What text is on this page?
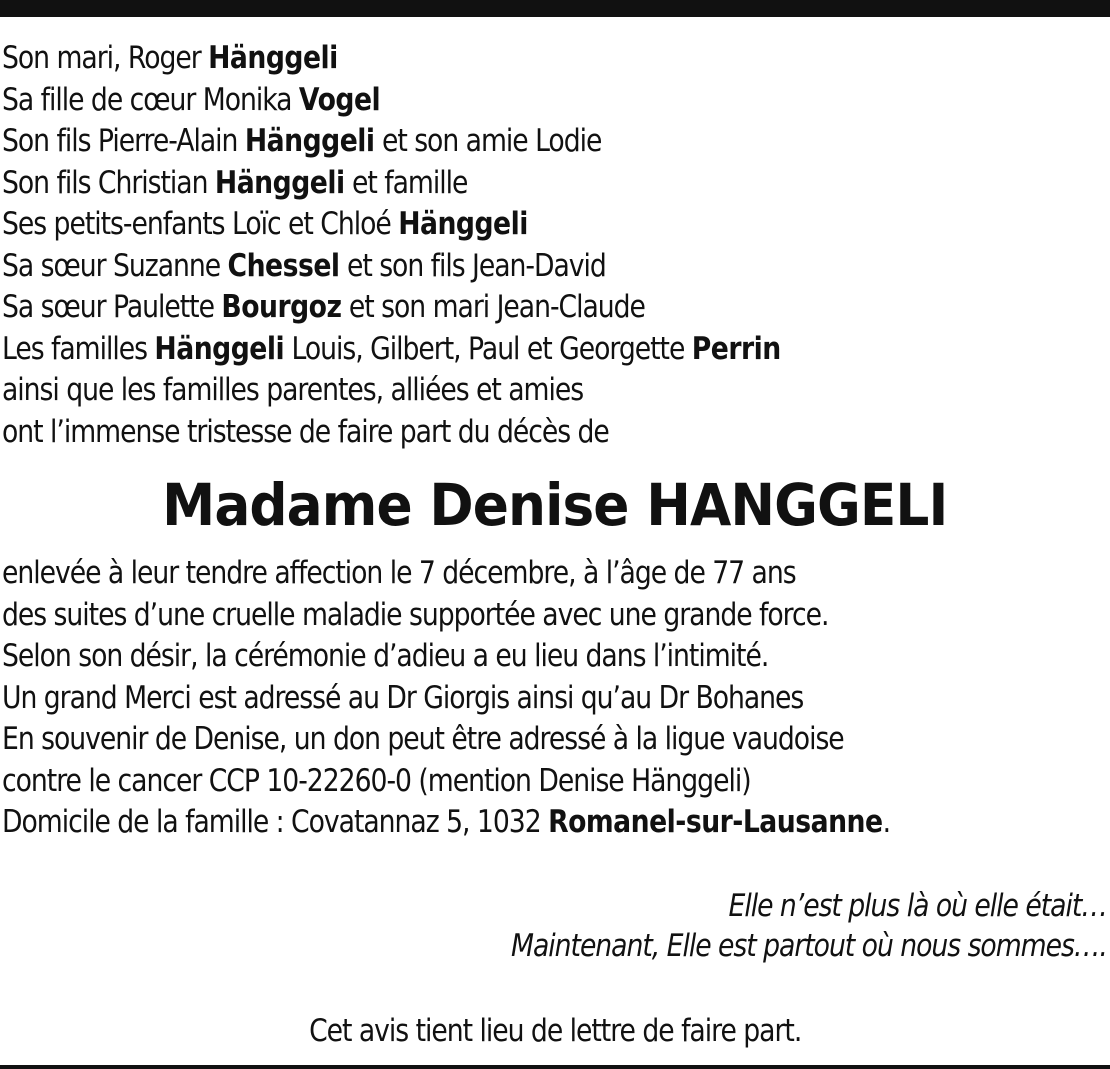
Son mari, Roger Hänggeli
Sa fille de cœur Monika Vogel
Son fils Pierre-Alain Hänggeli et son amie Lodie
Son fils Christian Hänggeli et famille
Ses petits-enfants Loïc et Chloé Hänggeli
Sa sœur Suzanne Chessel et son fils Jean-David
Sa sœur Paulette Bourgoz et son mari Jean-Claude
Les familles Hänggeli Louis, Gilbert, Paul et Georgette Perrin
ainsi que les familles parentes, alliées et amies
ont l’immense tristesse de faire part du décès de
Madame Denise HANGGELI
enlevée à leur tendre affection le 7 décembre, à l’âge de 77 ans
des suites d’une cruelle maladie supportée avec une grande force.
Selon son désir, la cérémonie d’adieu a eu lieu dans l’intimité.
Un grand Merci est adressé au Dr Giorgis ainsi qu’au Dr Bohanes
En souvenir de Denise, un don peut être adressé à la ligue vaudoise
contre le cancer CCP 10-22260-0 (mention Denise Hänggeli)
Domicile de la famille : Covatannaz 5, 1032 Romanel-sur-Lausanne.
Elle n’est plus là où elle était…
Maintenant, Elle est partout où nous sommes….
Cet avis tient lieu de lettre de faire part.
